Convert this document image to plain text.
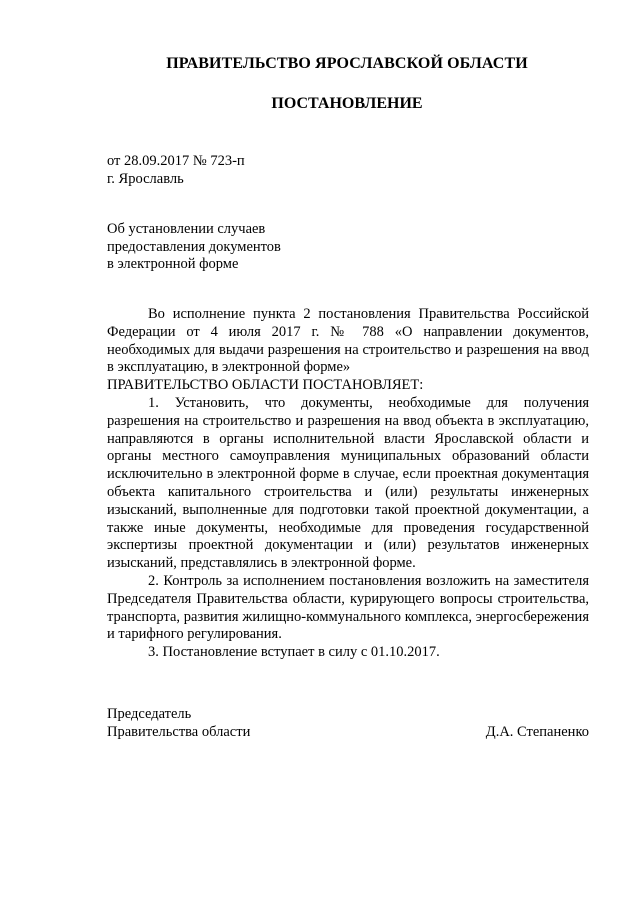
ПРАВИТЕЛЬСТВО ЯРОСЛАВСКОЙ ОБЛАСТИ
ПОСТАНОВЛЕНИЕ
от 28.09.2017 № 723-п
г. Ярославль
Об установлении случаев
предоставления документов
в электронной форме

Во исполнение пункта 2 постановления Правительства Российской Федерации от 4 июля 2017 г. № 788 «О направлении документов, необходимых для выдачи разрешения на строительство и разрешения на ввод в эксплуатацию, в электронной форме»

ПРАВИТЕЛЬСТВО ОБЛАСТИ ПОСТАНОВЛЯЕТ:

1. Установить, что документы, необходимые для получения разрешения на строительство и разрешения на ввод объекта в эксплуатацию, направляются в органы исполнительной власти Ярославской области и органы местного самоуправления муниципальных образований области исключительно в электронной форме в случае, если проектная документация объекта капитального строительства и (или) результаты инженерных изысканий, выполненные для подготовки такой проектной документации, а также иные документы, необходимые для проведения государственной экспертизы проектной документации и (или) результатов инженерных изысканий, представлялись в электронной форме.

2. Контроль за исполнением постановления возложить на заместителя Председателя Правительства области, курирующего вопросы строительства, транспорта, развития жилищно-коммунального комплекса, энергосбережения и тарифного регулирования.

3. Постановление вступает в силу с 01.10.2017.

Председатель
Правительства области	Д.А. Степаненко
